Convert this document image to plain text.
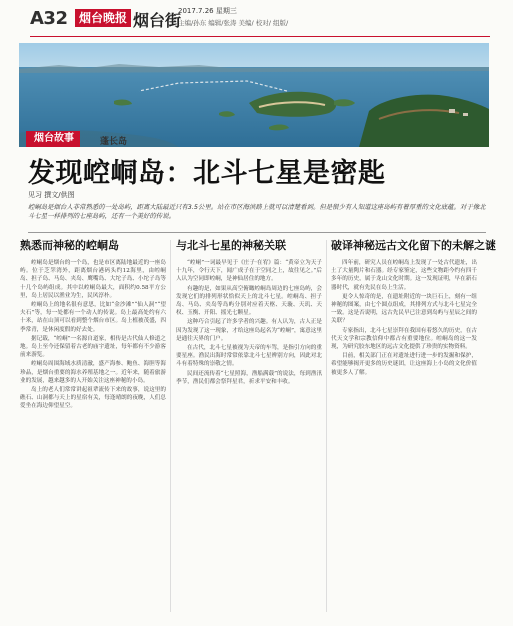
A32 烟台晚报 烟台街
2017.7.26 星期三
主编/孙东 编辑/张涛 美编/ 校对/ 组版/
烟台故事	蓬长岛
发现崆峒岛：北斗七星是密匙
见习 撰文/供图
崆峒岛是烟台人非常熟悉的一处岛屿，距离大陆最近只有3.5公里。站在市区海滨路上就可以清楚看到。但是很少有人知道这座岛屿有着厚重的文化底蕴。对于像北斗七星一样排列的七座岛屿，还有一个美好的传说。
熟悉而神秘的崆峒岛

崆峒岛是烟台的一个岛，也是市区离陆地最近的一座岛屿。位于芝罘湾外，距离烟台港码头约12海里，由崆峒岛、担子岛、马岛、夹岛、鹰嘴岛、大坨子岛、小坨子岛等十几个岛屿组成。其中以崆峒岛最大，面积约0.58平方公里，岛上居民以渔业为生，民风淳朴。

崆峒岛上的地名很有意思，比如“金沙滩”“仙人洞”“望夫石”等，每一处都有一个动人的传说。岛上最高处约有六十米，站在山顶可以看到整个烟台市区。岛上植被茂盛，四季常青，是休闲度假的好去处。

据记载，“崆峒”一名源自道家，相传是古代仙人修道之地。岛上至今还保留着古老的庙宇遗址，每年都有不少游客前来游览。

崆峒岛周围海域水质清澈，盛产海参、鲍鱼、海胆等海珍品，是烟台重要的海水养殖基地之一。近年来，随着旅游业的发展，越来越多的人开始关注这座神秘的小岛。

岛上的老人们常常讲起祖辈流传下来的故事，说这里的礁石、山洞都与天上的星宿有关，每逢晴朗的夜晚，人们总爱坐在海边仰望星空。

与北斗七星的神秘关联

“崆峒”一词最早见于《庄子·在宥》篇：“黄帝立为天子十九年，令行天下，闻广成子在于空同之上，故往见之。”后人认为空同即崆峒，是神仙居住的地方。

有趣的是，如果从高空俯瞰崆峒岛周边的七座岛屿，会发现它们的排列形状恰似天上的北斗七星。崆峒岛、担子岛、马岛、夹岛等岛屿分别对应着天枢、天璇、天玑、天权、玉衡、开阳、摇光七颗星。

这种巧合引起了许多学者的兴趣。有人认为，古人正是因为发现了这一现象，才给这座岛起名为“崆峒”，寓意这里是通往天界的门户。

在古代，北斗七星被视为天帝的车驾，是指引方向的重要星座。渔民出海时常常依靠北斗七星辨别方向，因此对北斗有着特殊的崇敬之情。

民间还流传着“七星照海，渔船满载”的说法，每到渔汛季节，渔民们都会祭拜星君，祈求平安和丰收。

破译神秘远古文化留下的未解之谜

四年前，研究人员在崆峒岛上发现了一处古代遗址，出土了大量陶片和石器。经专家鉴定，这些文物距今约有四千多年的历史，属于龙山文化时期。这一发现证明，早在新石器时代，就有先民在岛上生活。

更令人惊奇的是，在遗址附近的一块巨石上，刻有一组神秘的图案，由七个圆点组成，其排列方式与北斗七星完全一致。这是否说明，远古先民早已注意到岛屿与星辰之间的关联？

专家指出，北斗七星崇拜在我国有着悠久的历史，在古代天文学和宗教信仰中都占有重要地位。崆峒岛的这一发现，为研究胶东地区的远古文化提供了珍贵的实物资料。

目前，相关部门正在对遗址进行进一步的发掘和保护，希望能够揭开更多的历史谜团，让这座海上小岛的文化价值被更多人了解。
